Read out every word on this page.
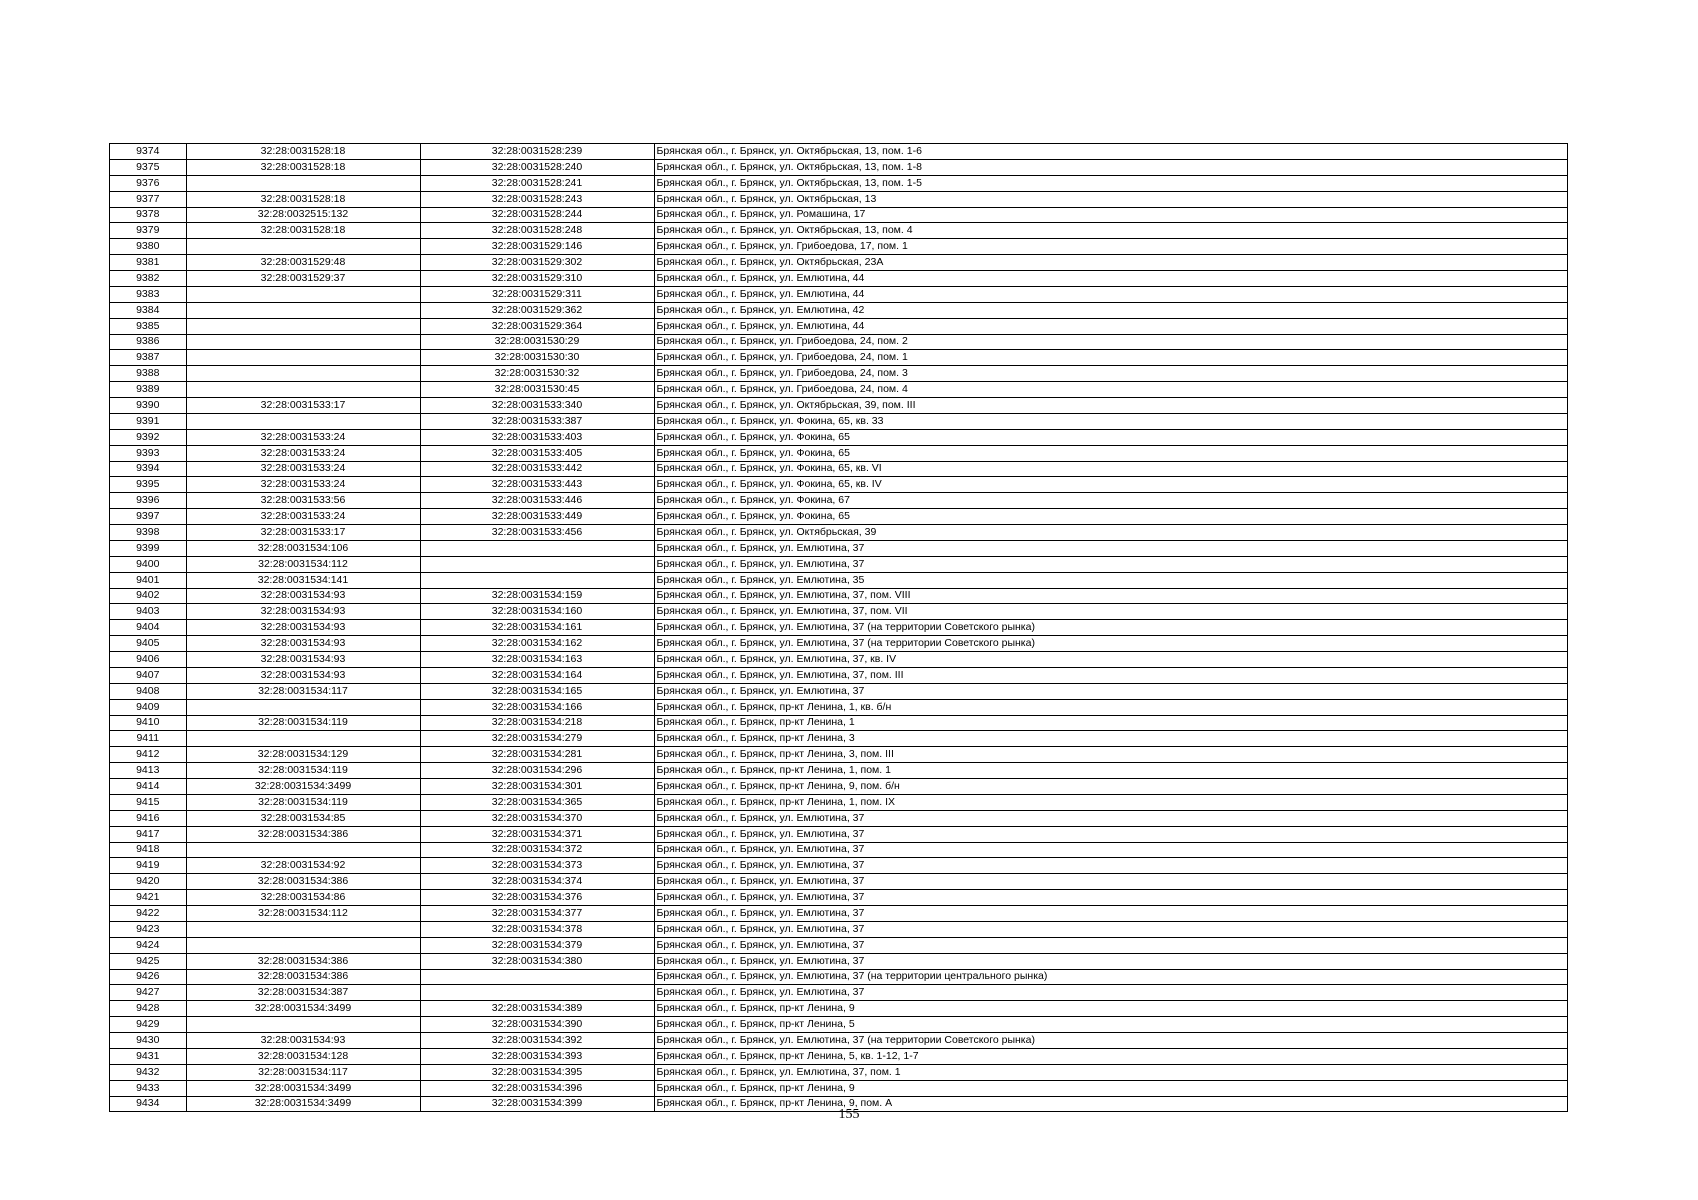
9374	32:28:0031528:18	32:28:0031528:239	Брянская обл., г. Брянск, ул. Октябрьская, 13, пом. 1-6
9375	32:28:0031528:18	32:28:0031528:240	Брянская обл., г. Брянск, ул. Октябрьская, 13, пом. 1-8
9376		32:28:0031528:241	Брянская обл., г. Брянск, ул. Октябрьская, 13, пом. 1-5
9377	32:28:0031528:18	32:28:0031528:243	Брянская обл., г. Брянск, ул. Октябрьская, 13
9378	32:28:0032515:132	32:28:0031528:244	Брянская обл., г. Брянск, ул. Ромашина, 17
9379	32:28:0031528:18	32:28:0031528:248	Брянская обл., г. Брянск, ул. Октябрьская, 13, пом. 4
9380		32:28:0031529:146	Брянская обл., г. Брянск, ул. Грибоедова, 17, пом. 1
9381	32:28:0031529:48	32:28:0031529:302	Брянская обл., г. Брянск, ул. Октябрьская, 23А
9382	32:28:0031529:37	32:28:0031529:310	Брянская обл., г. Брянск, ул. Емлютина, 44
9383		32:28:0031529:311	Брянская обл., г. Брянск, ул. Емлютина, 44
9384		32:28:0031529:362	Брянская обл., г. Брянск, ул. Емлютина, 42
9385		32:28:0031529:364	Брянская обл., г. Брянск, ул. Емлютина, 44
9386		32:28:0031530:29	Брянская обл., г. Брянск, ул. Грибоедова, 24, пом. 2
9387		32:28:0031530:30	Брянская обл., г. Брянск, ул. Грибоедова, 24, пом. 1
9388		32:28:0031530:32	Брянская обл., г. Брянск, ул. Грибоедова, 24, пом. 3
9389		32:28:0031530:45	Брянская обл., г. Брянск, ул. Грибоедова, 24, пом. 4
9390	32:28:0031533:17	32:28:0031533:340	Брянская обл., г. Брянск, ул. Октябрьская, 39, пом. III
9391		32:28:0031533:387	Брянская обл., г. Брянск, ул. Фокина, 65, кв. 33
9392	32:28:0031533:24	32:28:0031533:403	Брянская обл., г. Брянск, ул. Фокина, 65
9393	32:28:0031533:24	32:28:0031533:405	Брянская обл., г. Брянск, ул. Фокина, 65
9394	32:28:0031533:24	32:28:0031533:442	Брянская обл., г. Брянск, ул. Фокина, 65, кв. VI
9395	32:28:0031533:24	32:28:0031533:443	Брянская обл., г. Брянск, ул. Фокина, 65, кв. IV
9396	32:28:0031533:56	32:28:0031533:446	Брянская обл., г. Брянск, ул. Фокина, 67
9397	32:28:0031533:24	32:28:0031533:449	Брянская обл., г. Брянск, ул. Фокина, 65
9398	32:28:0031533:17	32:28:0031533:456	Брянская обл., г. Брянск, ул. Октябрьская, 39
9399	32:28:0031534:106		Брянская обл., г. Брянск, ул. Емлютина, 37
9400	32:28:0031534:112		Брянская обл., г. Брянск, ул. Емлютина, 37
9401	32:28:0031534:141		Брянская обл., г. Брянск, ул. Емлютина, 35
9402	32:28:0031534:93	32:28:0031534:159	Брянская обл., г. Брянск, ул. Емлютина, 37, пом. VIII
9403	32:28:0031534:93	32:28:0031534:160	Брянская обл., г. Брянск, ул. Емлютина, 37, пом. VII
9404	32:28:0031534:93	32:28:0031534:161	Брянская обл., г. Брянск, ул. Емлютина, 37 (на территории Советского рынка)
9405	32:28:0031534:93	32:28:0031534:162	Брянская обл., г. Брянск, ул. Емлютина, 37 (на территории Советского рынка)
9406	32:28:0031534:93	32:28:0031534:163	Брянская обл., г. Брянск, ул. Емлютина, 37, кв. IV
9407	32:28:0031534:93	32:28:0031534:164	Брянская обл., г. Брянск, ул. Емлютина, 37, пом. III
9408	32:28:0031534:117	32:28:0031534:165	Брянская обл., г. Брянск, ул. Емлютина, 37
9409		32:28:0031534:166	Брянская обл., г. Брянск, пр-кт Ленина, 1, кв. б/н
9410	32:28:0031534:119	32:28:0031534:218	Брянская обл., г. Брянск, пр-кт Ленина, 1
9411		32:28:0031534:279	Брянская обл., г. Брянск, пр-кт Ленина, 3
9412	32:28:0031534:129	32:28:0031534:281	Брянская обл., г. Брянск, пр-кт Ленина, 3, пом. III
9413	32:28:0031534:119	32:28:0031534:296	Брянская обл., г. Брянск, пр-кт Ленина, 1, пом. 1
9414	32:28:0031534:3499	32:28:0031534:301	Брянская обл., г. Брянск, пр-кт Ленина, 9, пом. б/н
9415	32:28:0031534:119	32:28:0031534:365	Брянская обл., г. Брянск, пр-кт Ленина, 1, пом. IX
9416	32:28:0031534:85	32:28:0031534:370	Брянская обл., г. Брянск, ул. Емлютина, 37
9417	32:28:0031534:386	32:28:0031534:371	Брянская обл., г. Брянск, ул. Емлютина, 37
9418		32:28:0031534:372	Брянская обл., г. Брянск, ул. Емлютина, 37
9419	32:28:0031534:92	32:28:0031534:373	Брянская обл., г. Брянск, ул. Емлютина, 37
9420	32:28:0031534:386	32:28:0031534:374	Брянская обл., г. Брянск, ул. Емлютина, 37
9421	32:28:0031534:86	32:28:0031534:376	Брянская обл., г. Брянск, ул. Емлютина, 37
9422	32:28:0031534:112	32:28:0031534:377	Брянская обл., г. Брянск, ул. Емлютина, 37
9423		32:28:0031534:378	Брянская обл., г. Брянск, ул. Емлютина, 37
9424		32:28:0031534:379	Брянская обл., г. Брянск, ул. Емлютина, 37
9425	32:28:0031534:386	32:28:0031534:380	Брянская обл., г. Брянск, ул. Емлютина, 37
9426	32:28:0031534:386		Брянская обл., г. Брянск, ул. Емлютина, 37 (на территории центрального рынка)
9427	32:28:0031534:387		Брянская обл., г. Брянск, ул. Емлютина, 37
9428	32:28:0031534:3499	32:28:0031534:389	Брянская обл., г. Брянск, пр-кт Ленина, 9
9429		32:28:0031534:390	Брянская обл., г. Брянск, пр-кт Ленина, 5
9430	32:28:0031534:93	32:28:0031534:392	Брянская обл., г. Брянск, ул. Емлютина, 37 (на территории Советского рынка)
9431	32:28:0031534:128	32:28:0031534:393	Брянская обл., г. Брянск, пр-кт Ленина, 5, кв. 1-12, 1-7
9432	32:28:0031534:117	32:28:0031534:395	Брянская обл., г. Брянск, ул. Емлютина, 37, пом. 1
9433	32:28:0031534:3499	32:28:0031534:396	Брянская обл., г. Брянск, пр-кт Ленина, 9
9434	32:28:0031534:3499	32:28:0031534:399	Брянская обл., г. Брянск, пр-кт Ленина, 9, пом. А
155
